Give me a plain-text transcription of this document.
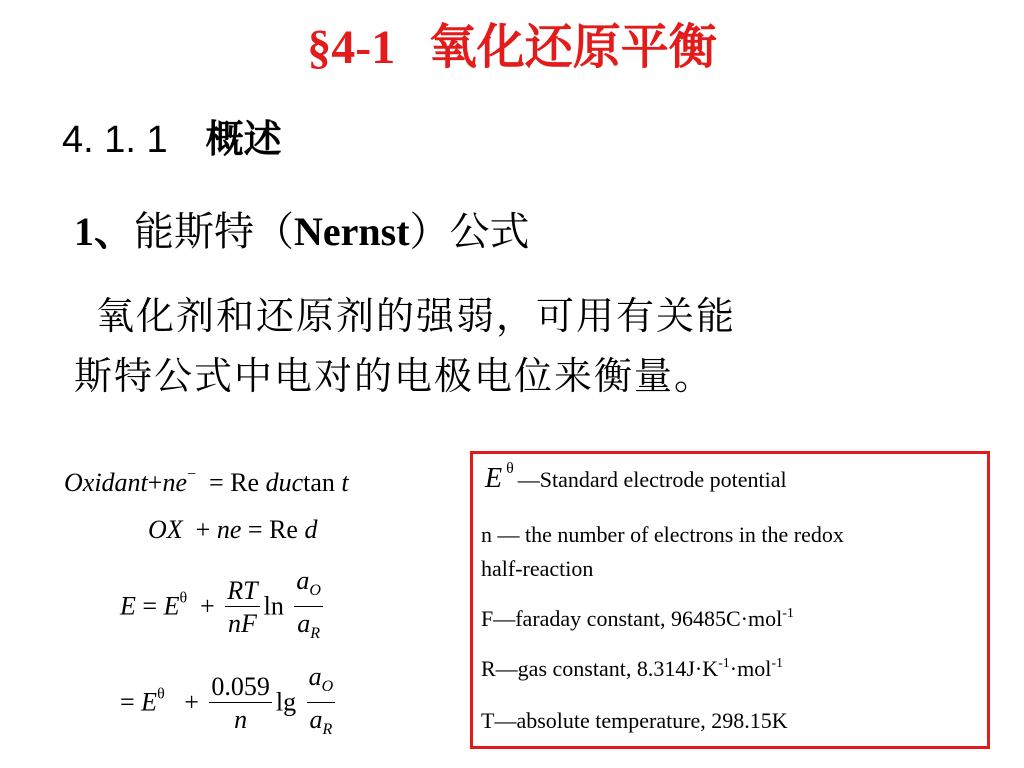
§4-1 氧化还原平衡
4. 1. 1 概述
1、能斯特（Nernst）公式
氧化剂和还原剂的强弱，可用有关能
斯特公式中电对的电极电位来衡量。
Oxidant+ne− = Re ductan t
OX + ne = Re d
$E = E^\theta + \frac{RT}{nF}$ $\ln \frac{a_O}{a_R}$
= $E^\theta + \frac{0.059}{n}$ $\lg \frac{a_O}{a_R}$
E $^\theta$ —Standard electrode potential
n — the number of electrons in the redox
half-reaction
F—faraday constant, 96485C·mol$^{-1}$
R—gas constant, $8.314J\cdot K^{-1}\cdot mol^{-1}$
T—absolute temperature, 298.15K
